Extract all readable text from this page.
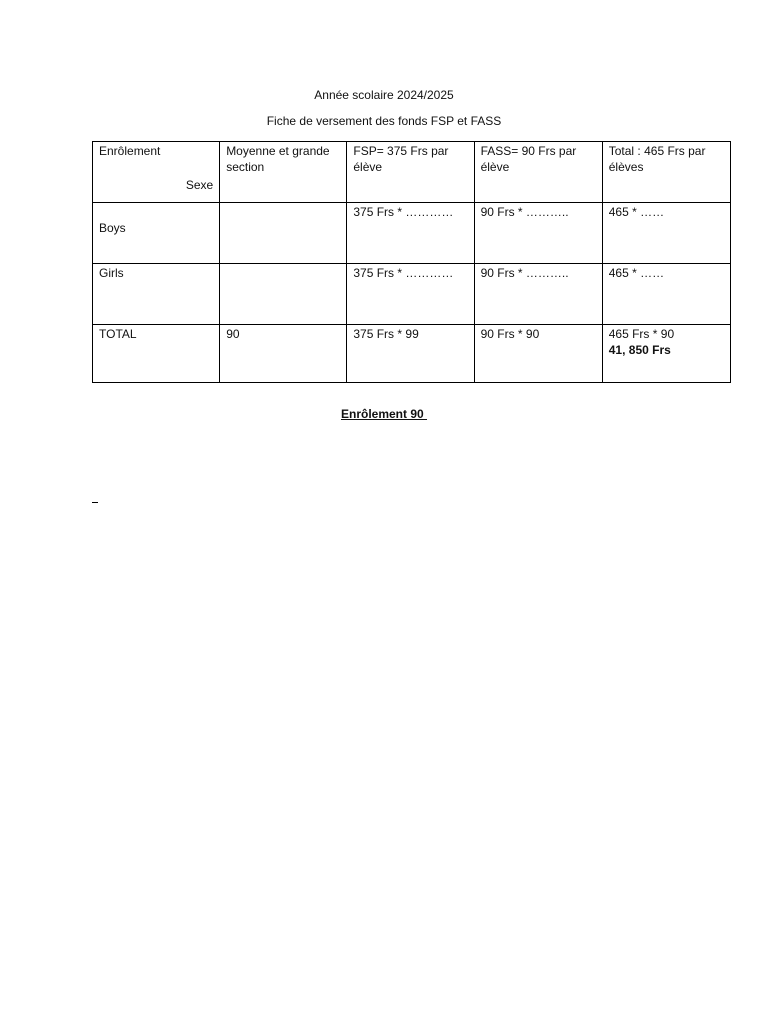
Année scolaire 2024/2025
Fiche de versement des fonds FSP et FASS
Enrôlement
Sexe	Moyenne et grande section	FSP= 375 Frs par élève	FASS= 90 Frs par élève	Total : 465 Frs par élèves

Boys		375 Frs * …………	90 Frs * ………..	465 * ……
Girls		375 Frs * …………	90 Frs * ………..	465 * ……
TOTAL	90	375 Frs * 99	90 Frs * 90	465 Frs * 90
41, 850 Frs
Enrôlement 90
